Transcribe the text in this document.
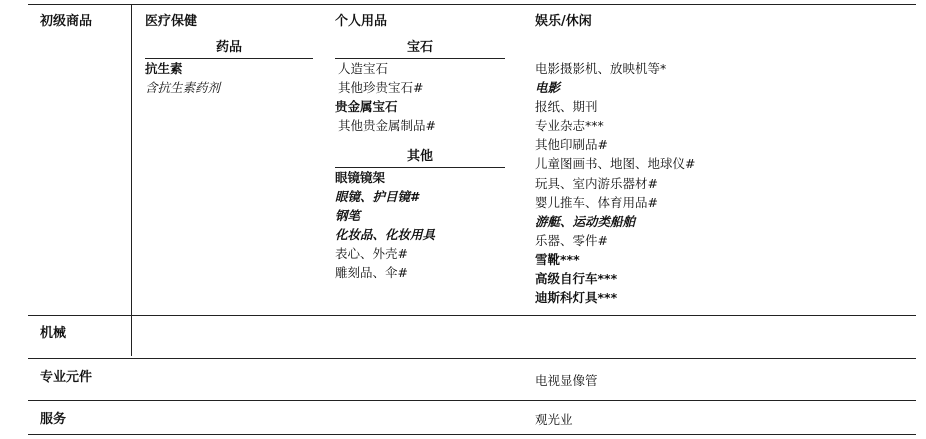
初级商品
机械
专业元件
服务
医疗保健	个人用品	娱乐/休闲
药品
抗生素
含抗生素药剂
宝石
人造宝石
其他珍贵宝石#
贵金属宝石
其他贵金属制品#
其他
眼镜镜架
眼镜、护目镜#
钢笔
化妆品、化妆用具
表心、外壳#
雕刻品、伞#
电影摄影机、放映机等*
电影
报纸、期刊
专业杂志***
其他印刷品#
儿童图画书、地图、地球仪#
玩具、室内游乐器材#
婴儿推车、体育用品#
游艇、运动类船舶
乐器、零件#
雪靴***
高级自行车***
迪斯科灯具***
电视显像管
观光业
